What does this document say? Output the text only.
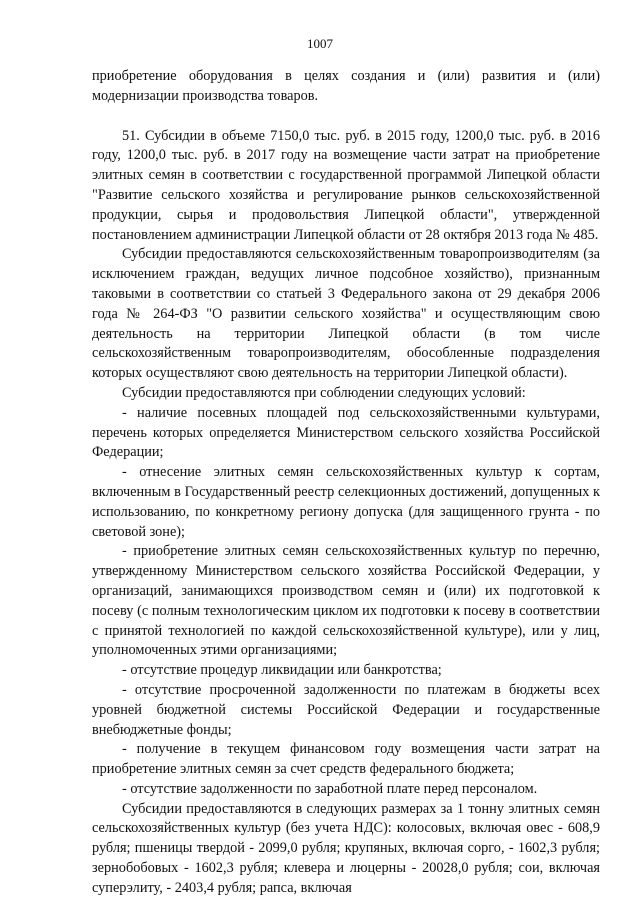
1007

приобретение оборудования в целях создания и (или) развития и (или) модернизации производства товаров.

51. Субсидии в объеме 7150,0 тыс. руб. в 2015 году, 1200,0 тыс. руб. в 2016 году, 1200,0 тыс. руб. в 2017 году на возмещение части затрат на приобретение элитных семян в соответствии с государственной программой Липецкой области "Развитие сельского хозяйства и регулирование рынков сельскохозяйственной продукции, сырья и продовольствия Липецкой области", утвержденной постановлением администрации Липецкой области от 28 октября 2013 года № 485.

Субсидии предоставляются сельскохозяйственным товаропроизводителям (за исключением граждан, ведущих личное подсобное хозяйство), признанным таковыми в соответствии со статьей 3 Федерального закона от 29 декабря 2006 года № 264-ФЗ "О развитии сельского хозяйства" и осуществляющим свою деятельность на территории Липецкой области (в том числе сельскохозяйственным товаропроизводителям, обособленные подразделения которых осуществляют свою деятельность на территории Липецкой области).

Субсидии предоставляются при соблюдении следующих условий:

- наличие посевных площадей под сельскохозяйственными культурами, перечень которых определяется Министерством сельского хозяйства Российской Федерации;

- отнесение элитных семян сельскохозяйственных культур к сортам, включенным в Государственный реестр селекционных достижений, допущенных к использованию, по конкретному региону допуска (для защищенного грунта - по световой зоне);

- приобретение элитных семян сельскохозяйственных культур по перечню, утвержденному Министерством сельского хозяйства Российской Федерации, у организаций, занимающихся производством семян и (или) их подготовкой к посеву (с полным технологическим циклом их подготовки к посеву в соответствии с принятой технологией по каждой сельскохозяйственной культуре), или у лиц, уполномоченных этими организациями;

- отсутствие процедур ликвидации или банкротства;

- отсутствие просроченной задолженности по платежам в бюджеты всех уровней бюджетной системы Российской Федерации и государственные внебюджетные фонды;

- получение в текущем финансовом году возмещения части затрат на приобретение элитных семян за счет средств федерального бюджета;

- отсутствие задолженности по заработной плате перед персоналом.

Субсидии предоставляются в следующих размерах за 1 тонну элитных семян сельскохозяйственных культур (без учета НДС): колосовых, включая овес - 608,9 рубля; пшеницы твердой - 2099,0 рубля; крупяных, включая сорго, - 1602,3 рубля; зернобобовых - 1602,3 рубля; клевера и люцерны - 20028,0 рубля; сои, включая суперэлиту, - 2403,4 рубля; рапса, включая
